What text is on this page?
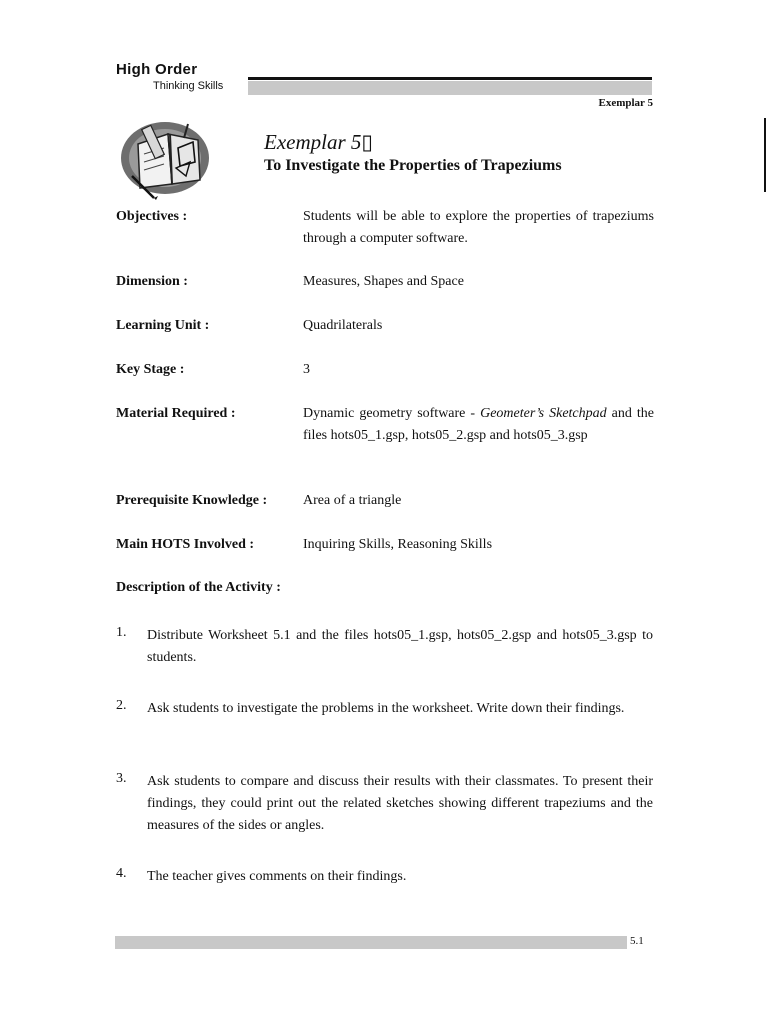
High Order
Thinking Skills
Exemplar 5
Exemplar 5▯
To Investigate the Properties of Trapeziums
Objectives :	Students will be able to explore the properties of trapeziums through a computer software.
Dimension :	Measures, Shapes and Space
Learning Unit :	Quadrilaterals
Key Stage :	3
Material Required :	Dynamic geometry software - Geometer’s Sketchpad and the files hots05_1.gsp, hots05_2.gsp and hots05_3.gsp
Prerequisite Knowledge :	Area of a triangle
Main HOTS Involved :	Inquiring Skills, Reasoning Skills
Description of the Activity :
1. Distribute Worksheet 5.1 and the files hots05_1.gsp, hots05_2.gsp and hots05_3.gsp to students.
2. Ask students to investigate the problems in the worksheet. Write down their findings.
3. Ask students to compare and discuss their results with their classmates. To present their findings, they could print out the related sketches showing different trapeziums and the measures of the sides or angles.
4. The teacher gives comments on their findings.
5.1
